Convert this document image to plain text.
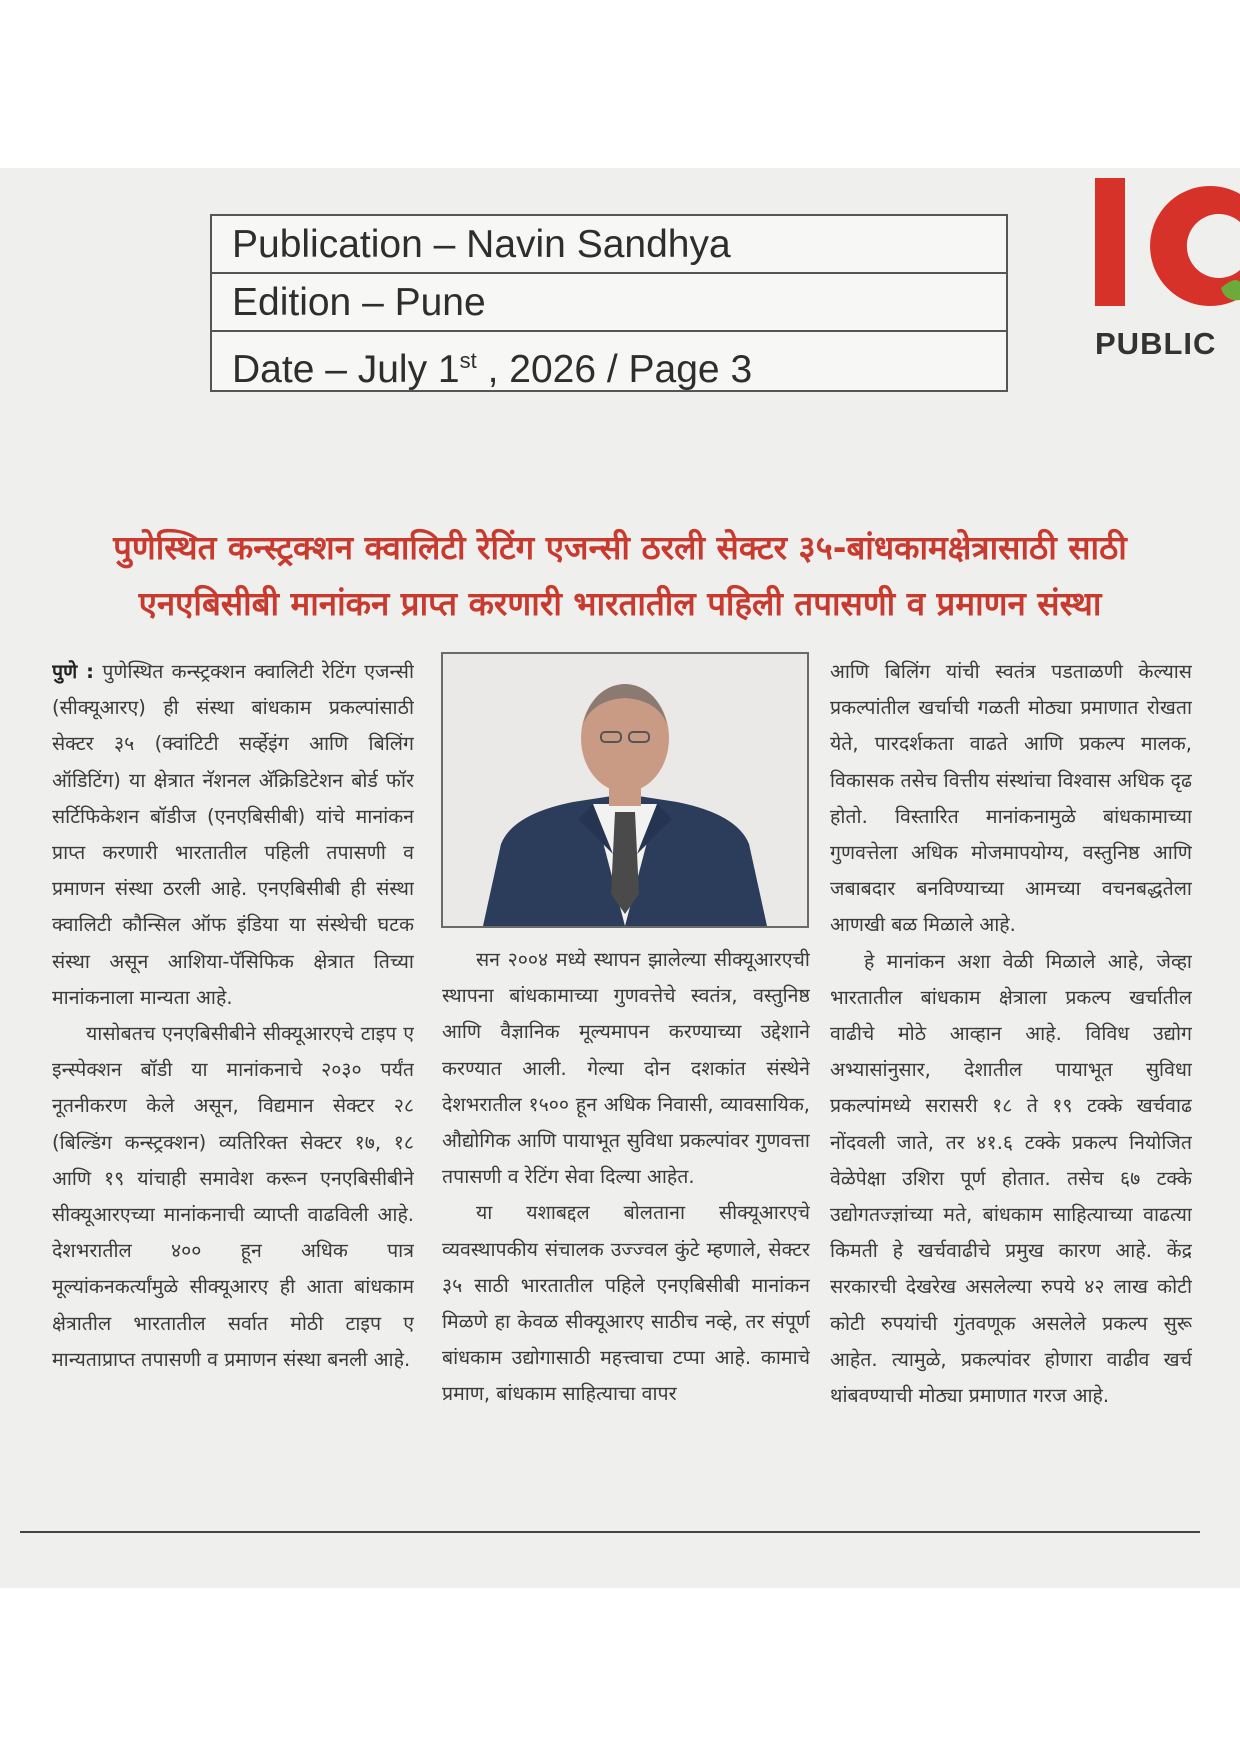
Publication – Navin Sandhya
Edition – Pune
Date – July 1st , 2026 / Page 3
PUBLIC
पुणेस्थित कन्स्ट्रक्शन क्वालिटी रेटिंग एजन्सी ठरली सेक्टर ३५-बांधकामक्षेत्रासाठी साठी
एनएबिसीबी मानांकन प्राप्त करणारी भारतातील पहिली तपासणी व प्रमाणन संस्था

पुणे : पुणेस्थित कन्स्ट्रक्शन क्वालिटी रेटिंग एजन्सी (सीक्यूआरए) ही संस्था बांधकाम प्रकल्पांसाठी सेक्टर ३५ (क्वांटिटी सर्व्हेइंग आणि बिलिंग ऑडिटिंग) या क्षेत्रात नॅशनल अ‍ॅक्रिडिटेशन बोर्ड फॉर सर्टिफिकेशन बॉडीज (एनएबिसीबी) यांचे मानांकन प्राप्त करणारी भारतातील पहिली तपासणी व प्रमाणन संस्था ठरली आहे. एनएबिसीबी ही संस्था क्वालिटी कौन्सिल ऑफ इंडिया या संस्थेची घटक संस्था असून आशिया-पॅसिफिक क्षेत्रात तिच्या मानांकनाला मान्यता आहे.

यासोबतच एनएबिसीबीने सीक्यूआरएचे टाइप ए इन्स्पेक्शन बॉडी या मानांकनाचे २०३० पर्यंत नूतनीकरण केले असून, विद्यमान सेक्टर २८ (बिल्डिंग कन्स्ट्रक्शन) व्यतिरिक्त सेक्टर १७, १८ आणि १९ यांचाही समावेश करून एनएबिसीबीने सीक्यूआरएच्या मानांकनाची व्याप्ती वाढविली आहे. देशभरातील ४०० हून अधिक पात्र मूल्यांकनकर्त्यांमुळे सीक्यूआरए ही आता बांधकाम क्षेत्रातील भारतातील सर्वात मोठी टाइप ए मान्यताप्राप्त तपासणी व प्रमाणन संस्था बनली आहे.

सन २००४ मध्ये स्थापन झालेल्या सीक्यूआरएची स्थापना बांधकामाच्या गुणवत्तेचे स्वतंत्र, वस्तुनिष्ठ आणि वैज्ञानिक मूल्यमापन करण्याच्या उद्देशाने करण्यात आली. गेल्या दोन दशकांत संस्थेने देशभरातील १५०० हून अधिक निवासी, व्यावसायिक, औद्योगिक आणि पायाभूत सुविधा प्रकल्पांवर गुणवत्ता तपासणी व रेटिंग सेवा दिल्या आहेत.

या यशाबद्दल बोलताना सीक्यूआरएचे व्यवस्थापकीय संचालक उज्ज्वल कुंटे म्हणाले, सेक्टर ३५ साठी भारतातील पहिले एनएबिसीबी मानांकन मिळणे हा केवळ सीक्यूआरए साठीच नव्हे, तर संपूर्ण बांधकाम उद्योगासाठी महत्त्वाचा टप्पा आहे. कामाचे प्रमाण, बांधकाम साहित्याचा वापर

आणि बिलिंग यांची स्वतंत्र पडताळणी केल्यास प्रकल्पांतील खर्चाची गळती मोठ्या प्रमाणात रोखता येते, पारदर्शकता वाढते आणि प्रकल्प मालक, विकासक तसेच वित्तीय संस्थांचा विश्वास अधिक दृढ होतो. विस्तारित मानांकनामुळे बांधकामाच्या गुणवत्तेला अधिक मोजमापयोग्य, वस्तुनिष्ठ आणि जबाबदार बनविण्याच्या आमच्या वचनबद्धतेला आणखी बळ मिळाले आहे.

हे मानांकन अशा वेळी मिळाले आहे, जेव्हा भारतातील बांधकाम क्षेत्राला प्रकल्प खर्चातील वाढीचे मोठे आव्हान आहे. विविध उद्योग अभ्यासांनुसार, देशातील पायाभूत सुविधा प्रकल्पांमध्ये सरासरी १८ ते १९ टक्के खर्चवाढ नोंदवली जाते, तर ४१.६ टक्के प्रकल्प नियोजित वेळेपेक्षा उशिरा पूर्ण होतात. तसेच ६७ टक्के उद्योगतज्ज्ञांच्या मते, बांधकाम साहित्याच्या वाढत्या किमती हे खर्चवाढीचे प्रमुख कारण आहे. केंद्र सरकारची देखरेख असलेल्या रुपये ४२ लाख कोटी कोटी रुपयांची गुंतवणूक असलेले प्रकल्प सुरू आहेत. त्यामुळे, प्रकल्पांवर होणारा वाढीव खर्च थांबवण्याची मोठ्या प्रमाणात गरज आहे.
